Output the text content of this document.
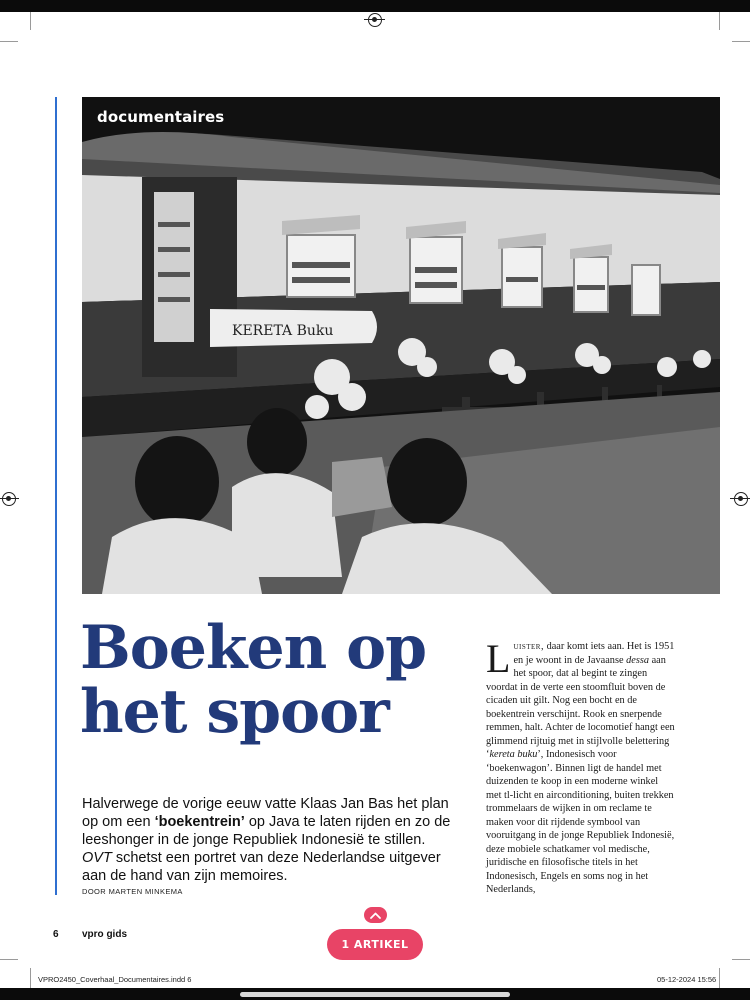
KERETA Buku
documentaires
Boeken op
het spoor

Halverwege de vorige eeuw vatte Klaas Jan Bas het plan op om een ‘boekentrein’ op Java te laten rijden en zo de leeshonger in de jonge Republiek Indonesië te stillen. OVT schetst een portret van deze Nederlandse uitgever aan de hand van zijn memoires.

DOOR MARTEN MINKEMA
Luister, daar komt iets aan. Het is 1951 en je woont in de Javaanse dessa aan het spoor, dat al begint te zingen voordat in de verte een stoomfluit boven de cicaden uit gilt. Nog een bocht en de boekentrein verschijnt. Rook en snerpende remmen, halt. Achter de locomotief hangt een glimmend rijtuig met in stijlvolle belettering ‘kereta buku’, Indonesisch voor ‘boekenwagon’. Binnen ligt de handel met duizenden te koop in een moderne winkel met tl-licht en airconditioning, buiten trekken trommelaars de wijken in om reclame te maken voor dit rijdende symbool van vooruitgang in de jonge Republiek Indonesië, deze mobiele schatkamer vol medische, juridische en filosofische titels in het Indonesisch, Engels en soms nog in het Nederlands,
6 vpro gids
1 ARTIKEL
VPRO2450_Coverhaal_Documentaires.indd 6	05-12-2024 15:56
